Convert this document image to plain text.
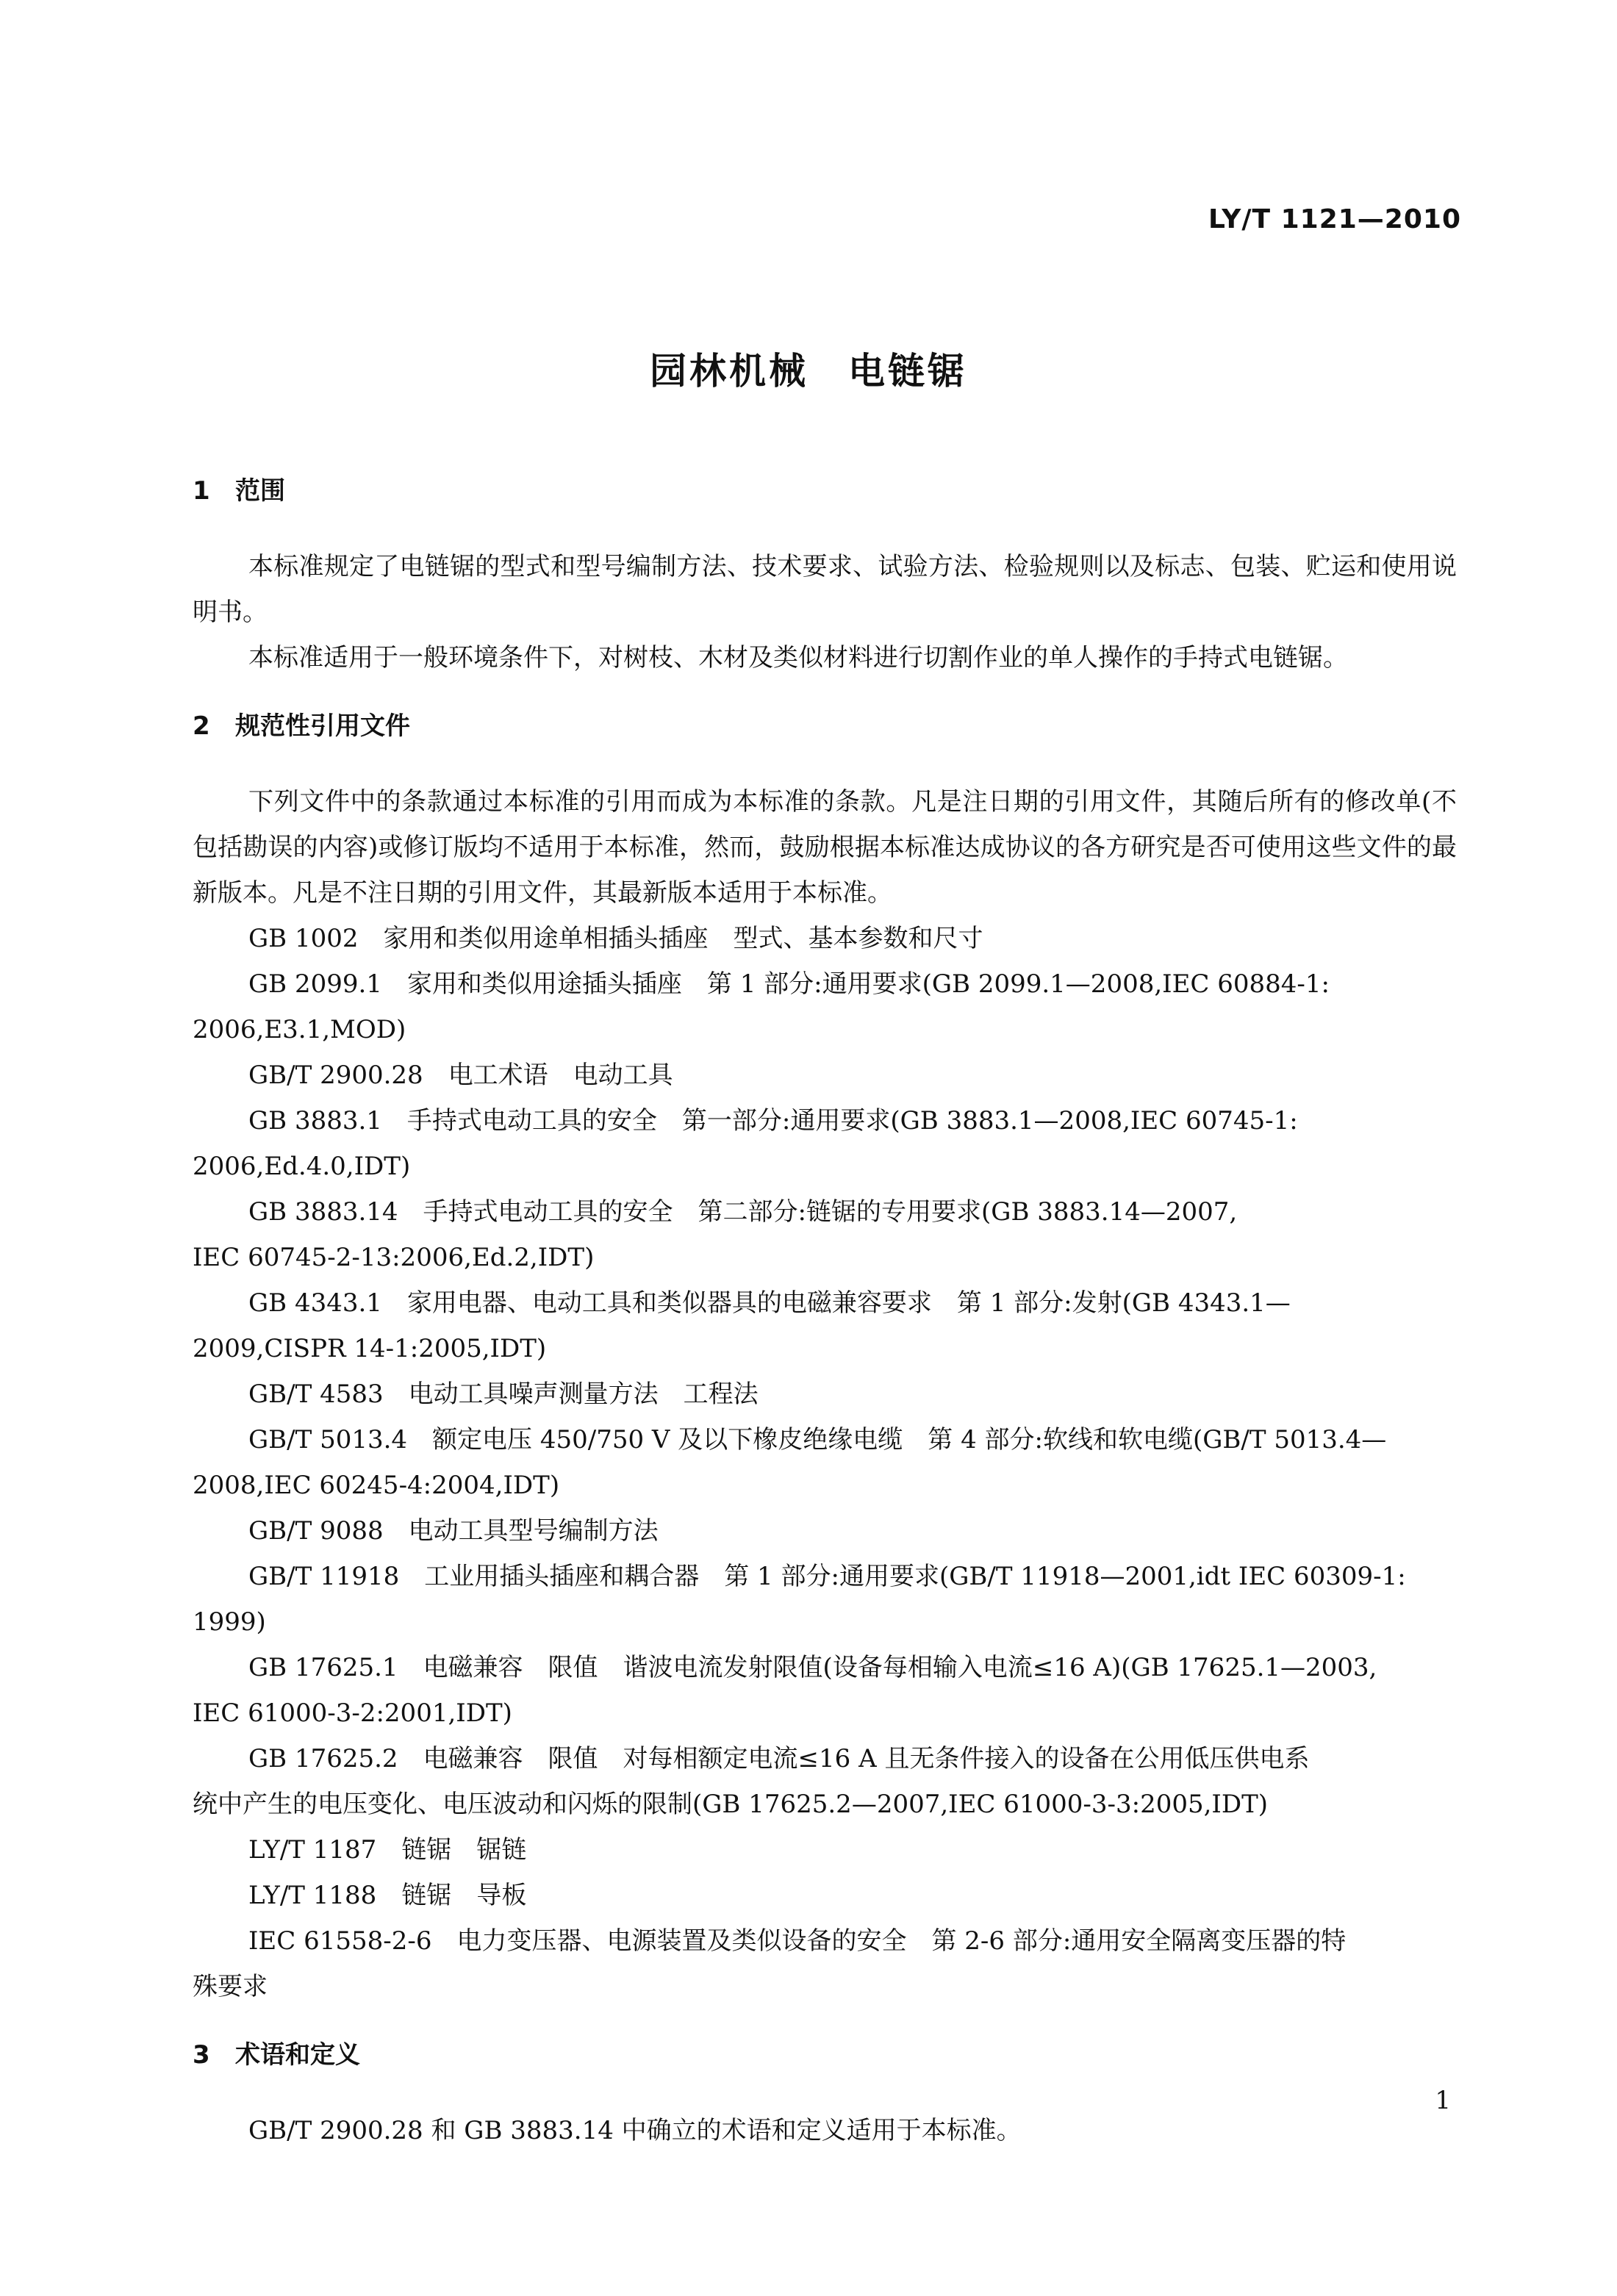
LY/T 1121—2010
园林机械　电链锯
1 范围

本标准规定了电链锯的型式和型号编制方法、技术要求、试验方法、检验规则以及标志、包装、贮运和使用说明书。

本标准适用于一般环境条件下，对树枝、木材及类似材料进行切割作业的单人操作的手持式电链锯。

2 规范性引用文件

下列文件中的条款通过本标准的引用而成为本标准的条款。凡是注日期的引用文件，其随后所有的修改单(不包括勘误的内容)或修订版均不适用于本标准，然而，鼓励根据本标准达成协议的各方研究是否可使用这些文件的最新版本。凡是不注日期的引用文件，其最新版本适用于本标准。

GB 1002 家用和类似用途单相插头插座　型式、基本参数和尺寸

GB 2099.1 家用和类似用途插头插座　第 1 部分:通用要求(GB 2099.1—2008,IEC 60884-1:
2006,E3.1,MOD)

GB/T 2900.28 电工术语　电动工具

GB 3883.1 手持式电动工具的安全　第一部分:通用要求(GB 3883.1—2008,IEC 60745-1:
2006,Ed.4.0,IDT)

GB 3883.14 手持式电动工具的安全　第二部分:链锯的专用要求(GB 3883.14—2007,
IEC 60745-2-13:2006,Ed.2,IDT)

GB 4343.1 家用电器、电动工具和类似器具的电磁兼容要求　第 1 部分:发射(GB 4343.1—
2009,CISPR 14-1:2005,IDT)

GB/T 4583 电动工具噪声测量方法　工程法

GB/T 5013.4 额定电压 450/750 V 及以下橡皮绝缘电缆　第 4 部分:软线和软电缆(GB/T 5013.4—
2008,IEC 60245-4:2004,IDT)

GB/T 9088 电动工具型号编制方法

GB/T 11918 工业用插头插座和耦合器　第 1 部分:通用要求(GB/T 11918—2001,idt IEC 60309-1:
1999)

GB 17625.1 电磁兼容　限值　谐波电流发射限值(设备每相输入电流≤16 A)(GB 17625.1—2003,
IEC 61000-3-2:2001,IDT)

GB 17625.2 电磁兼容　限值　对每相额定电流≤16 A 且无条件接入的设备在公用低压供电系
统中产生的电压变化、电压波动和闪烁的限制(GB 17625.2—2007,IEC 61000-3-3:2005,IDT)

LY/T 1187 链锯　锯链

LY/T 1188 链锯　导板

IEC 61558-2-6 电力变压器、电源装置及类似设备的安全　第 2-6 部分:通用安全隔离变压器的特
殊要求

3 术语和定义

GB/T 2900.28 和 GB 3883.14 中确立的术语和定义适用于本标准。

1
